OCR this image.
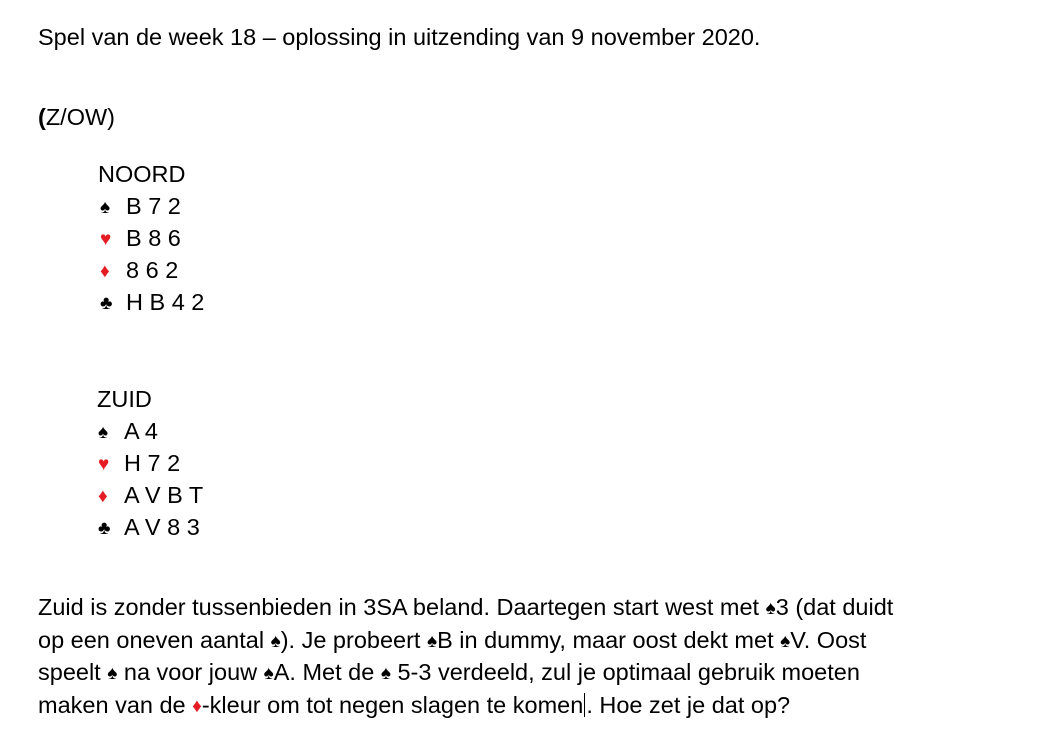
Spel van de week 18 – oplossing in uitzending van 9 november 2020.
(Z/OW)
NOORD
♠ B 7 2
♥ B 8 6
♦ 8 6 2
♣ H B 4 2
ZUID
♠ A 4
♥ H 7 2
♦ A V B T
♣ A V 8 3
Zuid is zonder tussenbieden in 3SA beland. Daartegen start west met ♠3 (dat duidt
op een oneven aantal ♠). Je probeert ♠B in dummy, maar oost dekt met ♠V. Oost
speelt ♠ na voor jouw ♠A. Met de ♠ 5-3 verdeeld, zul je optimaal gebruik moeten
maken van de ♦-kleur om tot negen slagen te komen . Hoe zet je dat op?
